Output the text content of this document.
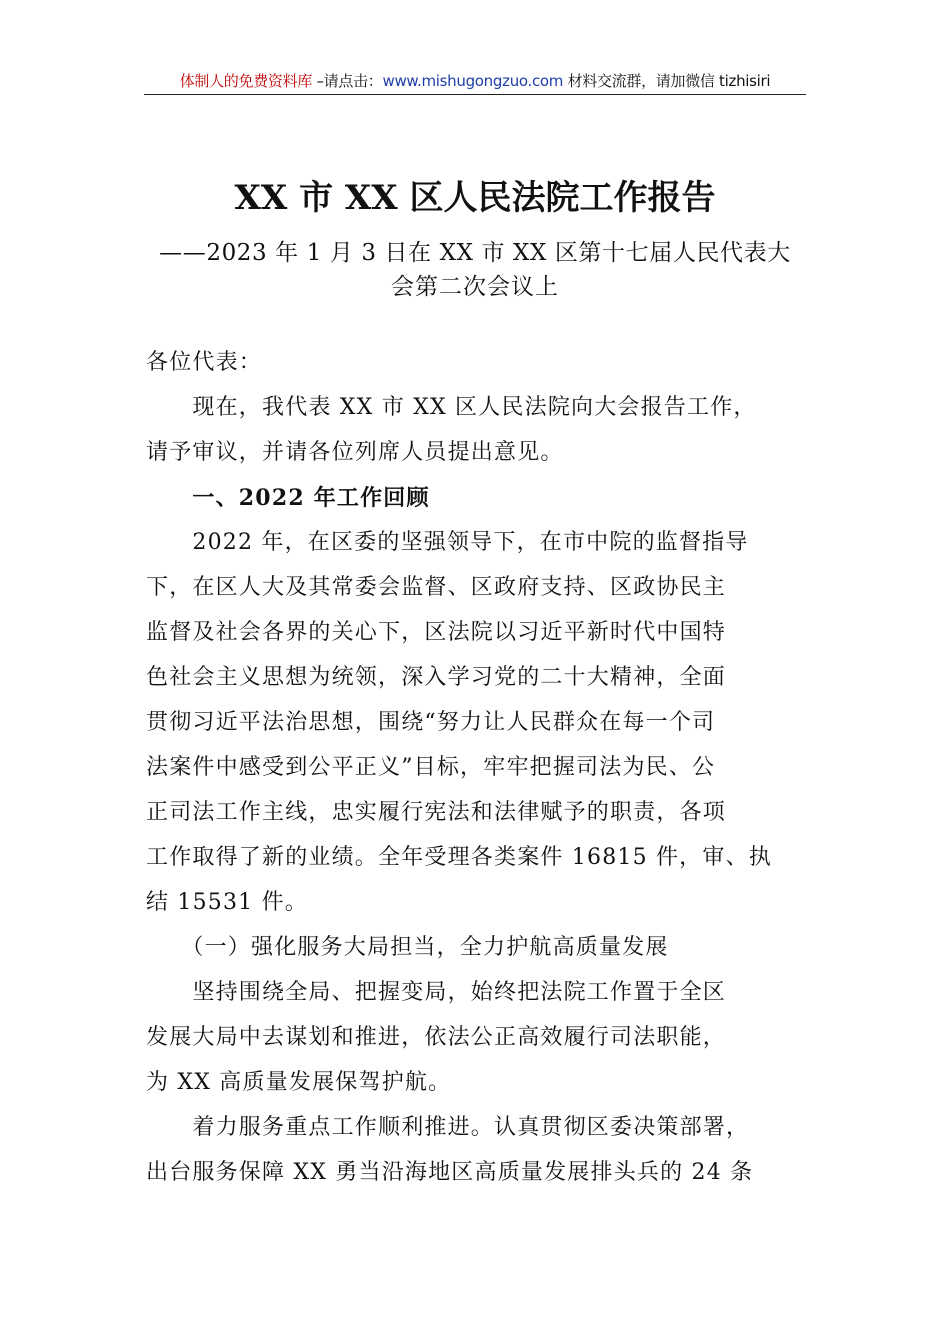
体制人的免费资料库 –请点击：www.mishugongzuo.com 材料交流群，请加微信 tizhisiri
XX 市 XX 区人民法院工作报告
——2023 年 1 月 3 日在 XX 市 XX 区第十七届人民代表大
会第二次会议上
各位代表：
　　现在，我代表 XX 市 XX 区人民法院向大会报告工作，
请予审议，并请各位列席人员提出意见。
　　一、2022 年工作回顾
　　2022 年，在区委的坚强领导下，在市中院的监督指导
下，在区人大及其常委会监督、区政府支持、区政协民主
监督及社会各界的关心下，区法院以习近平新时代中国特
色社会主义思想为统领，深入学习党的二十大精神，全面
贯彻习近平法治思想，围绕“努力让人民群众在每一个司
法案件中感受到公平正义”目标，牢牢把握司法为民、公
正司法工作主线，忠实履行宪法和法律赋予的职责，各项
工作取得了新的业绩。全年受理各类案件 16815 件，审、执
结 15531 件。
　　（一）强化服务大局担当，全力护航高质量发展
　　坚持围绕全局、把握变局，始终把法院工作置于全区
发展大局中去谋划和推进，依法公正高效履行司法职能，
为 XX 高质量发展保驾护航。
　　着力服务重点工作顺利推进。认真贯彻区委决策部署，
出台服务保障 XX 勇当沿海地区高质量发展排头兵的 24 条
